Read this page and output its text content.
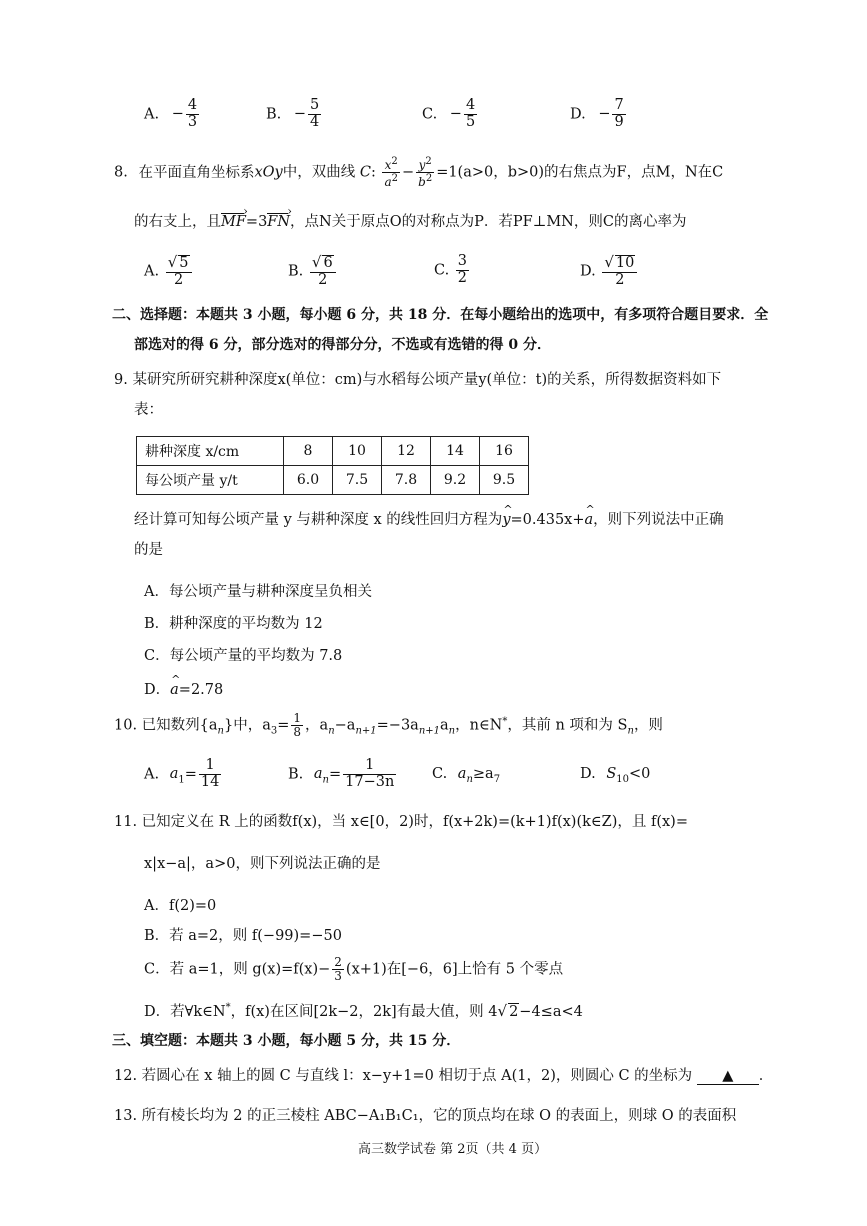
A. − $\frac{4}{3}$	B. − $\frac{5}{4}$	C. − $\frac{4}{5}$	D. − $\frac{7}{9}$
8. 在平面直角坐标系xOy中，双曲线 C: $\frac{x^2}{a^2} - \frac{y^2}{b^2} =1(a>0$，b>0)的右焦点为F，点M，N在C
的右支上，且MF ›=3FN ›，点N关于原点O的对称点为P．若PF⊥MN，则C的离心率为
A. $\frac{√ 5}{2}$	B. $\frac{√ 6}{2}$	C. $\frac{3}{2}$	D. $\frac{√ 10}{2}$
二、选择题：本题共 3 小题，每小题 6 分，共 18 分．在每小题给出的选项中，有多项符合题目要求．全
部选对的得 6 分，部分选对的得部分分，不选或有选错的得 0 分．
9. 某研究所研究耕种深度x(单位：cm)与水稻每公顷产量y(单位：t)的关系，所得数据资料如下
表：
耕种深度 x/cm	8	10	12	14	16
每公顷产量 y/t	6.0	7.5	7.8	9.2	9.5
经计算可知每公顷产量 y 与耕种深度 x 的线性回归方程为^ y=0.435x+^ a，则下列说法中正确
的是
A．每公顷产量与耕种深度呈负相关
B．耕种深度的平均数为 12
C．每公顷产量的平均数为 7.8
D．^ a=2.78
10. 已知数列$\{a_n\}$中，$a_3= \frac{1}{8}$ ，$a_n-a_{n+1}=-3a_{n+1}a_n$，n∈N*，其前 n 项和为 $S_n$，则
A. $a_1= \frac{1}{14}$	B. $a_n= \frac{1}{17-3n} C$. $a_n\ge a_7$	D. $S_{10}<0$
11. 已知定义在 R 上的函数f(x)，当 x∈[0，2)时，f(x+2k)=(k+1)f(x)(k∈Z)，且 f(x)=
x|x−a|，a>0，则下列说法正确的是
A．f(2)=0
B．若 a=2，则 f(−99)=−50
C．若 a=1，则 $g(x)=f(x)- \frac{2}{3} (x+1)$在[−6，6]上恰有 5 个零点
D．若∀k∈N*，f(x)在区间[2k−2，2k]有最大值，则 4√ 2−4≤a<4
三、填空题：本题共 3 小题，每小题 5 分，共 15 分．
12. 若圆心在 x 轴上的圆 C 与直线 l：x−y+1=0 相切于点 A(1，2)，则圆心 C 的坐标为 ▲ ．
13. 所有棱长均为 2 的正三棱柱 ABC−A₁B₁C₁，它的顶点均在球 O 的表面上，则球 O 的表面积
高三数学试卷 第 2页（共 4 页）
